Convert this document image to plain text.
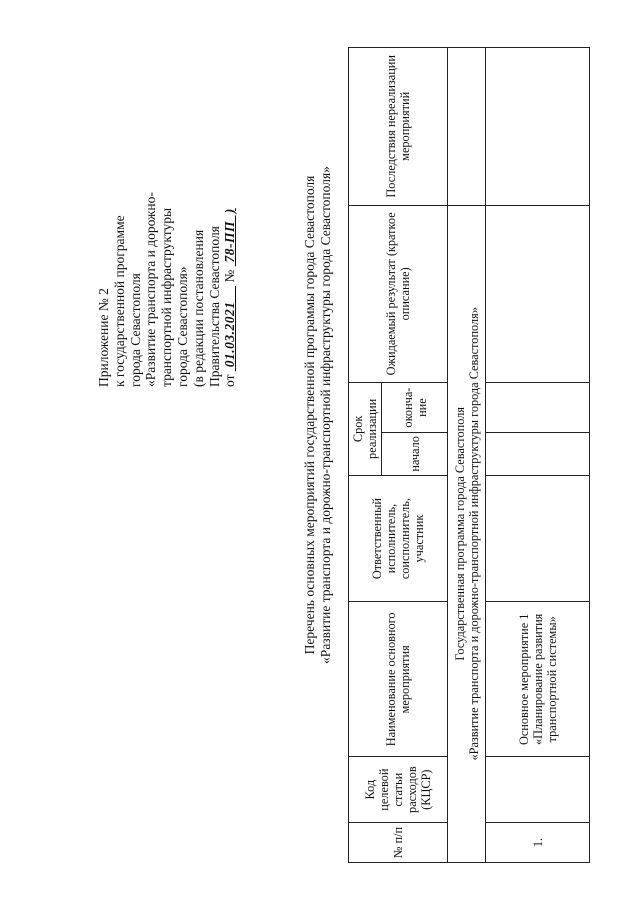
Приложение № 2 к государственной программе города Севастополя «Развитие транспорта и дорожно- транспортной инфраструктуры города Севастополя» (в редакции постановления Правительства Севастополя от  01.03.2021     №  78-ПП  )	Перечень основных мероприятий государственной программы города Севастополя «Развитие транспорта и дорожно-транспортной инфраструктуры города Севастополя»
№ п/п	Код целевой статьи расходов (КЦСР)	Наименование основного мероприятия	Ответственный исполнитель, соисполнитель, участник	Срок реализации		Ожидаемый результат (краткое описание)	Последствия нереализации мероприятий
				начало	оконча-ние		

Государственная программа города Севастополя «Развитие транспорта и дорожно-транспортной инфраструктуры города Севастополя»							

1.		Основное мероприятие 1 «Планирование развития транспортной системы»					
